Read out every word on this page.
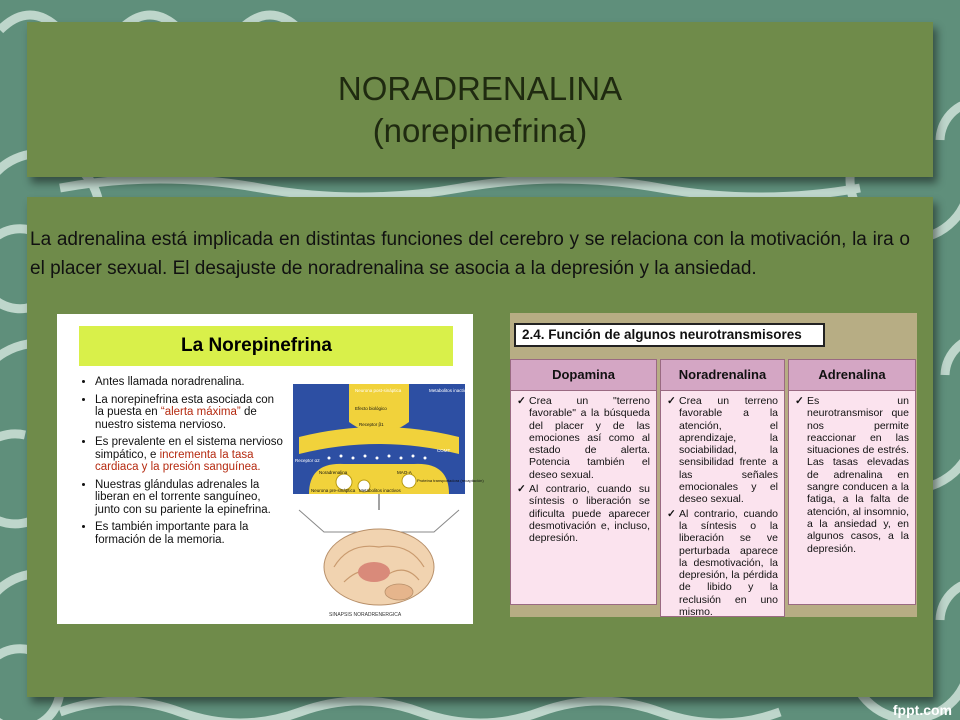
NORADRENALINA
(norepinefrina)
La adrenalina está implicada en distintas funciones del cerebro y se relaciona con la motivación, la ira o el placer sexual. El desajuste de noradrenalina se asocia a la depresión y la ansiedad.
La Norepinefrina
• Antes llamada noradrenalina.
• La norepinefrina esta asociada con la puesta en “alerta máxima” de nuestro sistema nervioso.
• Es prevalente en el sistema nervioso simpático, e incrementa la tasa cardiaca y la presión sanguínea.
• Nuestras glándulas adrenales la liberan en el torrente sanguíneo, junto con su pariente la epinefrina.
• Es también importante para la formación de la memoria.
Neurona post-sináptica
Efecto biológico
Receptor β1
Receptor α2
Metabolitos inactivos
COMT
Noradrenalina	MAO-A
Proteína transportadora (recaptación)
Neurona pre-sináptica Metabolitos inactivos
SINAPSIS NORADRENERGICA
2.4. Función de algunos neurotransmisores
Dopamina
✓ Crea un "terreno favorable" a la búsqueda del placer y de las emociones así como al estado de alerta. Potencia también el deseo sexual.
✓ Al contrario, cuando su síntesis o liberación se dificulta puede aparecer desmotivación e, incluso, depresión.
Noradrenalina
✓ Crea un terreno favorable a la atención, el aprendizaje, la sociabilidad, la sensibilidad frente a las señales emocionales y el deseo sexual.
✓ Al contrario, cuando la síntesis o la liberación se ve perturbada aparece la desmotivación, la depresión, la pérdida de libido y la reclusión en uno mismo.
Adrenalina
✓ Es un neurotransmisor que nos permite reaccionar en las situaciones de estrés. Las tasas elevadas de adrenalina en sangre conducen a la fatiga, a la falta de atención, al insomnio, a la ansiedad y, en algunos casos, a la depresión.
fppt.com
